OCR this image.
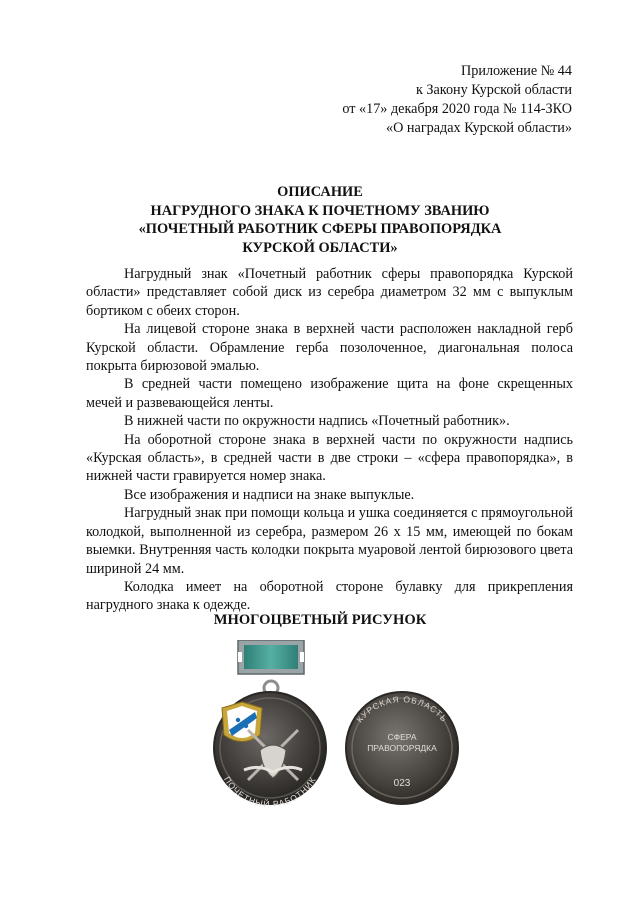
Приложение № 44
к Закону Курской области
от «17» декабря 2020 года № 114-ЗКО
«О наградах Курской области»
ОПИСАНИЕ
НАГРУДНОГО ЗНАКА К ПОЧЕТНОМУ ЗВАНИЮ
«ПОЧЕТНЫЙ РАБОТНИК СФЕРЫ ПРАВОПОРЯДКА
КУРСКОЙ ОБЛАСТИ»

Нагрудный знак «Почетный работник сферы правопорядка Курской области» представляет собой диск из серебра диаметром 32 мм с выпуклым бортиком с обеих сторон.

На лицевой стороне знака в верхней части расположен накладной герб Курской области. Обрамление герба позолоченное, диагональная полоса покрыта бирюзовой эмалью.

В средней части помещено изображение щита на фоне скрещенных мечей и развевающейся ленты.

В нижней части по окружности надпись «Почетный работник».

На оборотной стороне знака в верхней части по окружности надпись «Курская область», в средней части в две строки – «сфера правопорядка», в нижней части гравируется номер знака.

Все изображения и надписи на знаке выпуклые.

Нагрудный знак при помощи кольца и ушка соединяется с прямоугольной колодкой, выполненной из серебра, размером 26 х 15 мм, имеющей по бокам выемки. Внутренняя часть колодки покрыта муаровой лентой бирюзового цвета шириной 24 мм.

Колодка имеет на оборотной стороне булавку для прикрепления нагрудного знака к одежде.

МНОГОЦВЕТНЫЙ РИСУНОК
ПОЧЕТНЫЙ РАБОТНИК
КУРСКАЯ ОБЛАСТЬ
СФЕРА
ПРАВОПОРЯДКА
023
